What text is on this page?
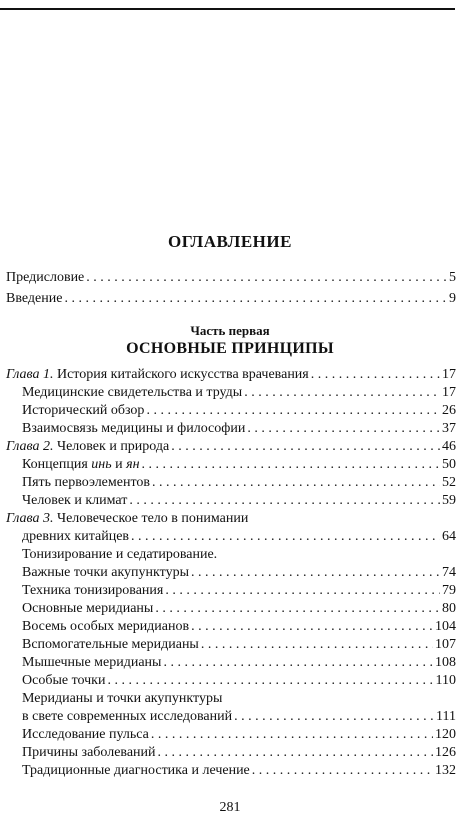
ОГЛАВЛЕНИЕ
Предисловие . . .	5
Введение . . .	9
Часть первая
ОСНОВНЫЕ ПРИНЦИПЫ
Глава 1. История китайского искусства врачевания . . .	17
Медицинские свидетельства и труды . . .	17
Исторический обзор . . .	26
Взаимосвязь медицины и философии . . .	37
Глава 2. Человек и природа . . .	46
Концепция инь и ян . . .	50
Пять первоэлементов . . .	52
Человек и климат . . .	59
Глава 3. Человеческое тело в понимании
древних китайцев . . .	64
Тонизирование и седатирование.
Важные точки акупунктуры . . .	74
Техника тонизирования . . .	79
Основные меридианы . . .	80
Восемь особых меридианов . . .	104
Вспомогательные меридианы . . .	107
Мышечные меридианы . . .	108
Особые точки . . .	110
Меридианы и точки акупунктуры
в свете современных исследований . . .	111
Исследование пульса . . .	120
Причины заболеваний . . .	126
Традиционные диагностика и лечение . . .	132
281
